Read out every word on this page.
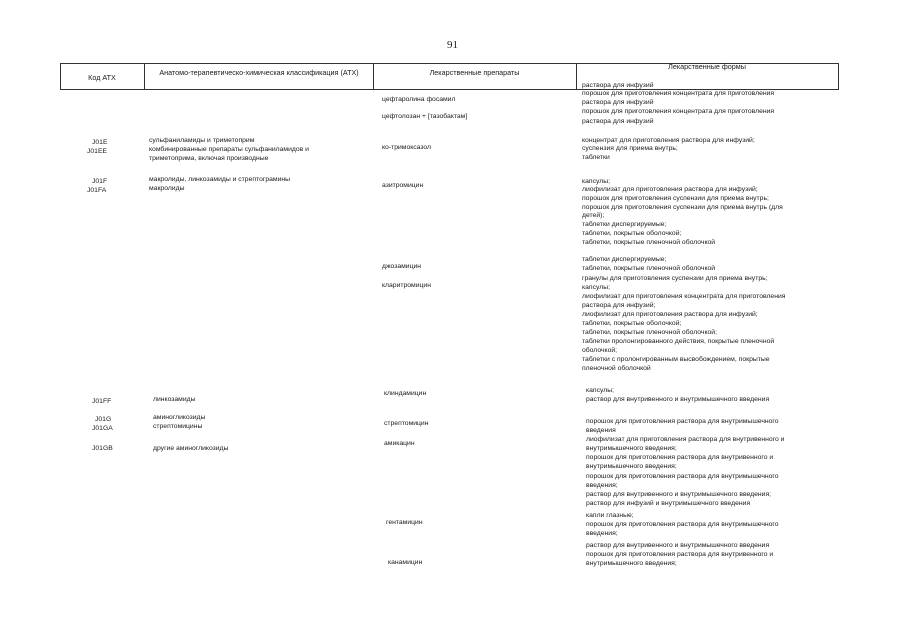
91
Код АТХ
Анатомо-терапевтическо-химическая классификация (АТХ)	Лекарственные препараты
Лекарственные формы
J01E
J01EE
J01F
J01FA
J01FF
J01G
J01GA
J01GB
сульфаниламиды и триметоприм
комбинированные препараты сульфаниламидов и
триметоприма, включая производные
макролиды, линкозамиды и стрептограмины
макролиды
линкозамиды
аминогликозиды
стрептомицины
другие аминогликозиды
цефтаролина фосамил
цефтолозан + [тазобактам]
ко-тримоксазол
азитромицин
джозамицин
кларитромицин
клиндамицин
стрептомицин
амикацин
гентамицин
канамицин
раствора для инфузий
порошок для приготовления концентрата для приготовления
раствора для инфузий
порошок для приготовления концентрата для приготовления
раствора для инфузий
концентрат для приготовления раствора для инфузий;
суспензия для приема внутрь;
таблетки
капсулы;
лиофилизат для приготовления раствора для инфузий;
порошок для приготовления суспензии для приема внутрь;
порошок для приготовления суспензии для приема внутрь (для
детей);
таблетки диспергируемые;
таблетки, покрытые оболочкой;
таблетки, покрытые пленочной оболочкой
таблетки диспергируемые;
таблетки, покрытые пленочной оболочкой
гранулы для приготовления суспензии для приема внутрь;
капсулы;
лиофилизат для приготовления концентрата для приготовления
раствора для инфузий;
лиофилизат для приготовления раствора для инфузий;
таблетки, покрытые оболочкой;
таблетки, покрытые пленочной оболочкой;
таблетки пролонгированного действия, покрытые пленочной
оболочкой;
таблетки с пролонгированным высвобождением, покрытые
пленочной оболочкой
капсулы;
раствор для внутривенного и внутримышечного введения
порошок для приготовления раствора для внутримышечного
введения
лиофилизат для приготовления раствора для внутривенного и
внутримышечного введения;
порошок для приготовления раствора для внутривенного и
внутримышечного введения;
порошок для приготовления раствора для внутримышечного
введения;
раствор для внутривенного и внутримышечного введения;
раствор для инфузий и внутримышечного введения
капли глазные;
порошок для приготовления раствора для внутримышечного
введения;
раствор для внутривенного и внутримышечного введения
порошок для приготовления раствора для внутривенного и
внутримышечного введения;
